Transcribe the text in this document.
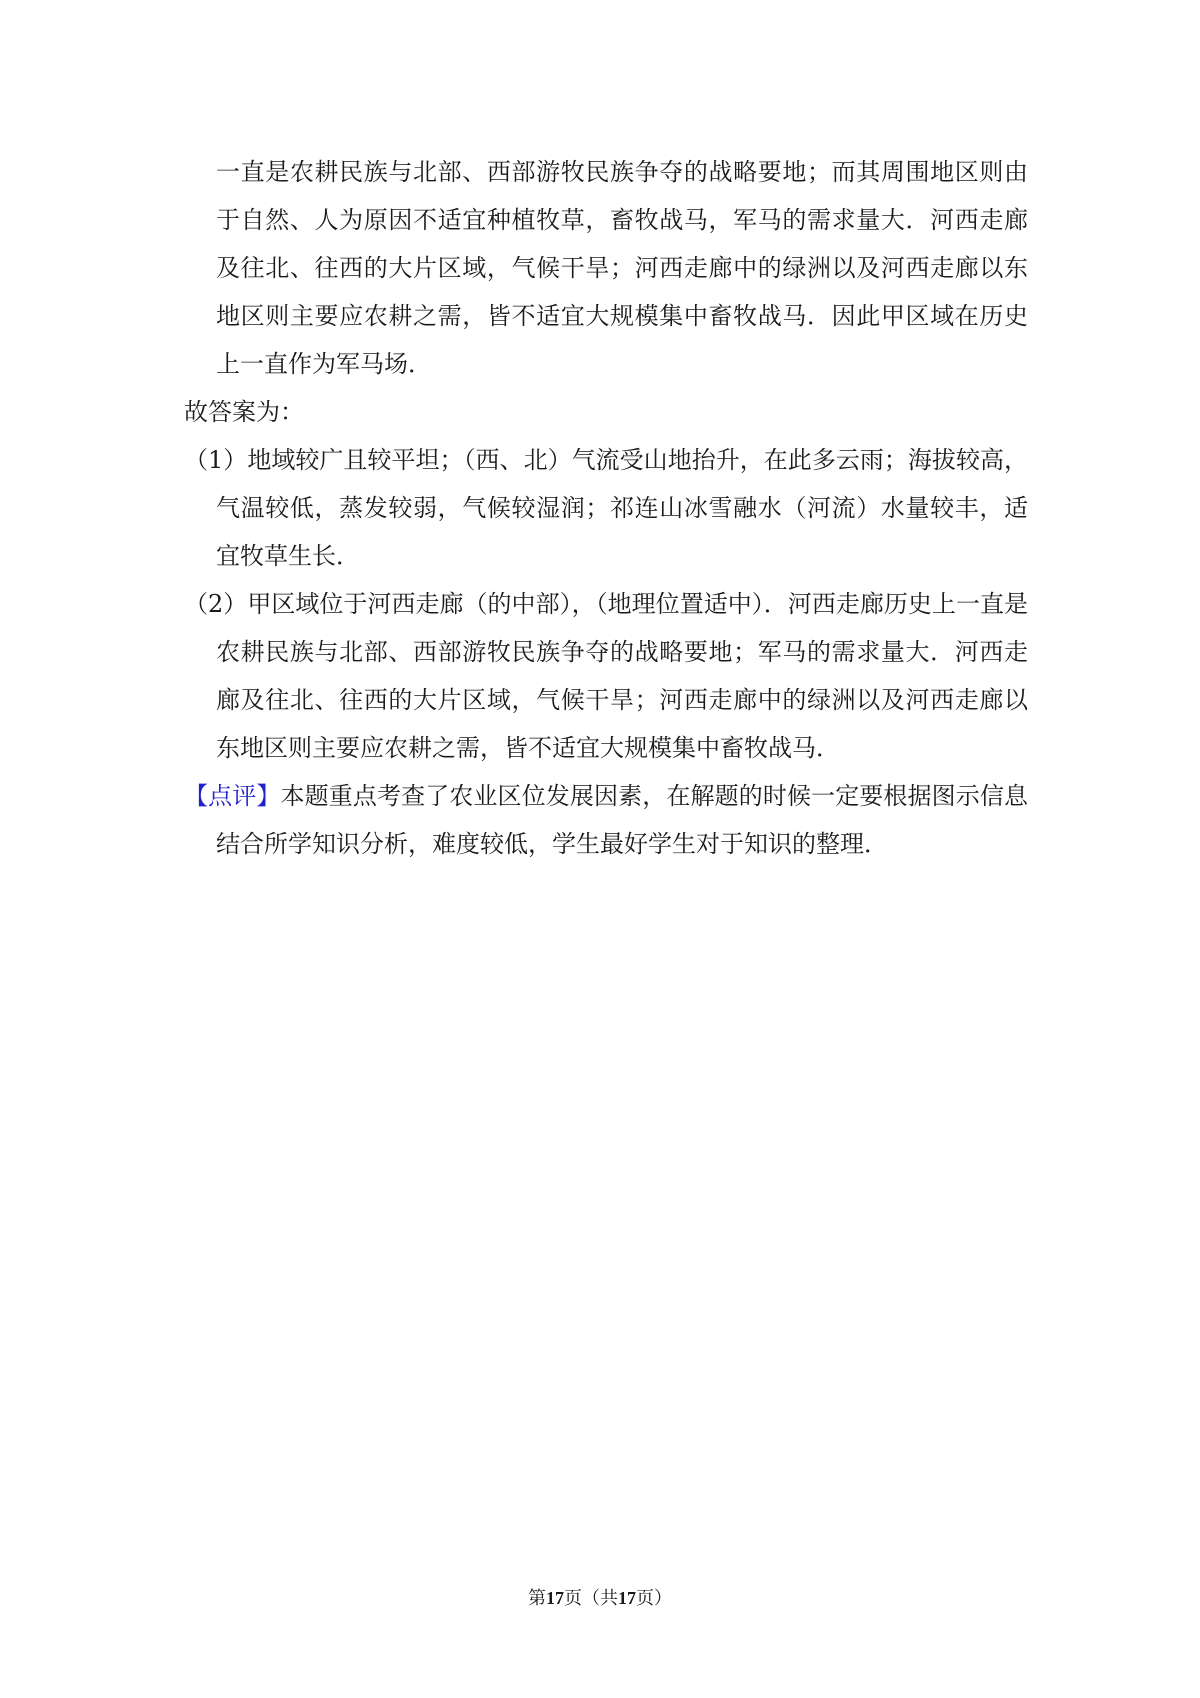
一直是农耕民族与北部、西部游牧民族争夺的战略要地；而其周围地区则由于自然、人为原因不适宜种植牧草，畜牧战马，军马的需求量大．河西走廊及往北、往西的大片区域，气候干旱；河西走廊中的绿洲以及河西走廊以东地区则主要应农耕之需，皆不适宜大规模集中畜牧战马．因此甲区域在历史上一直作为军马场．

故答案为：

（1）地域较广且较平坦；（西、北）气流受山地抬升，在此多云雨；海拔较高，气温较低，蒸发较弱，气候较湿润；祁连山冰雪融水（河流）水量较丰，适宜牧草生长．

（2）甲区域位于河西走廊（的中部），（地理位置适中）．河西走廊历史上一直是农耕民族与北部、西部游牧民族争夺的战略要地；军马的需求量大．河西走廊及往北、往西的大片区域，气候干旱；河西走廊中的绿洲以及河西走廊以东地区则主要应农耕之需，皆不适宜大规模集中畜牧战马．

【点评】本题重点考查了农业区位发展因素，在解题的时候一定要根据图示信息结合所学知识分析，难度较低，学生最好学生对于知识的整理．

第17页（共17页）
